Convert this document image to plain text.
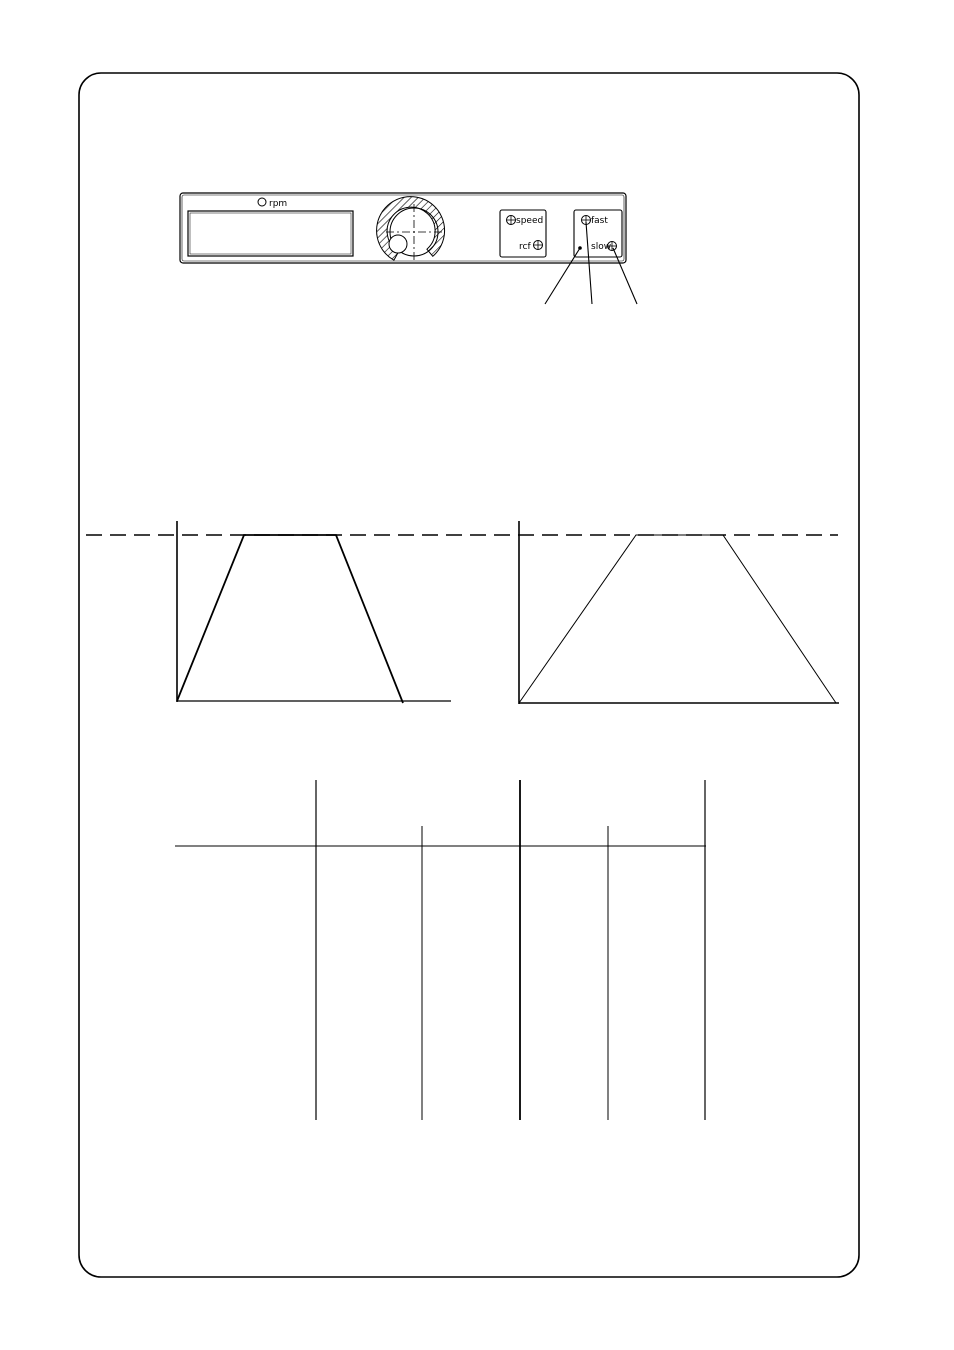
rpm
speed
rcf
fast
slow
